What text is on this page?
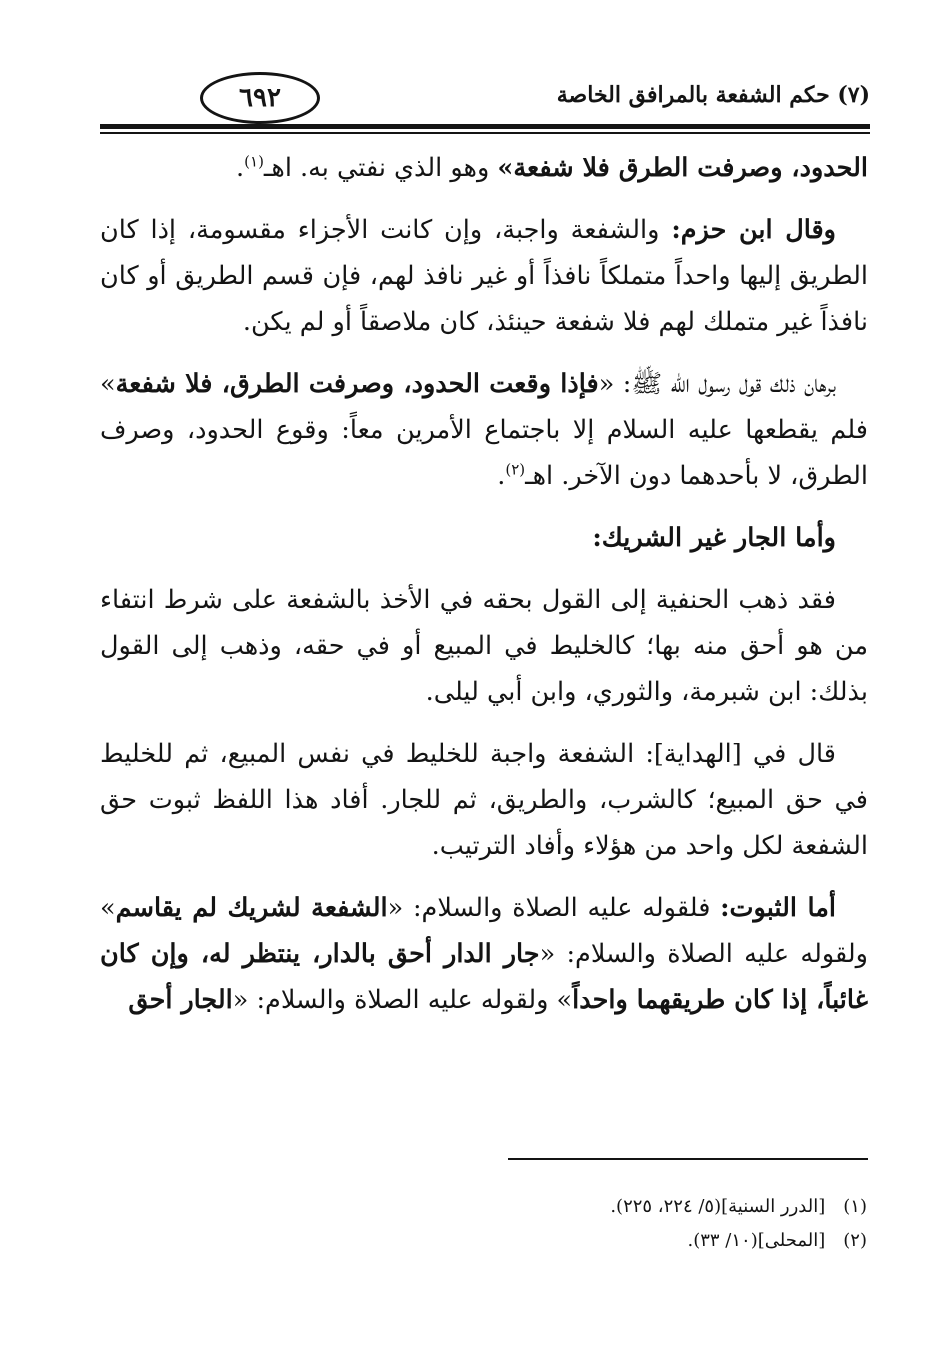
٦٩٢	(٧) حكم الشفعة بالمرافق الخاصة

الحدود، وصرفت الطرق فلا شفعة» وهو الذي نفتي به. اهـ$^{(١)}$.

وقال ابن حزم: والشفعة واجبة، وإن كانت الأجزاء مقسومة، إذا كان الطريق إليها واحداً متملكاً نافذاً أو غير نافذ لهم، فإن قسم الطريق أو كان نافذاً غير متملك لهم فلا شفعة حينئذ، كان ملاصقاً أو لم يكن.

برهان ذلك قول رسول الله ﷺ: «فإذا وقعت الحدود، وصرفت الطرق، فلا شفعة» فلم يقطعها عليه السلام إلا باجتماع الأمرين معاً: وقوع الحدود، وصرف الطرق، لا بأحدهما دون الآخر. اهـ$^{(٢)}$.

وأما الجار غير الشريك:

فقد ذهب الحنفية إلى القول بحقه في الأخذ بالشفعة على شرط انتفاء من هو أحق منه بها؛ كالخليط في المبيع أو في حقه، وذهب إلى القول بذلك: ابن شبرمة، والثوري، وابن أبي ليلى.

قال في [الهداية]: الشفعة واجبة للخليط في نفس المبيع، ثم للخليط في حق المبيع؛ كالشرب، والطريق، ثم للجار. أفاد هذا اللفظ ثبوت حق الشفعة لكل واحد من هؤلاء وأفاد الترتيب.

أما الثبوت: فلقوله عليه الصلاة والسلام: «الشفعة لشريك لم يقاسم» ولقوله عليه الصلاة والسلام: «جار الدار أحق بالدار، ينتظر له، وإن كان غائباً، إذا كان طريقهما واحداً» ولقوله عليه الصلاة والسلام: «الجار أحق

(١)
[الدرر السنية](٥/ ٢٢٤، ٢٢٥).
(٢)
[المحلى](١٠/ ٣٣).
